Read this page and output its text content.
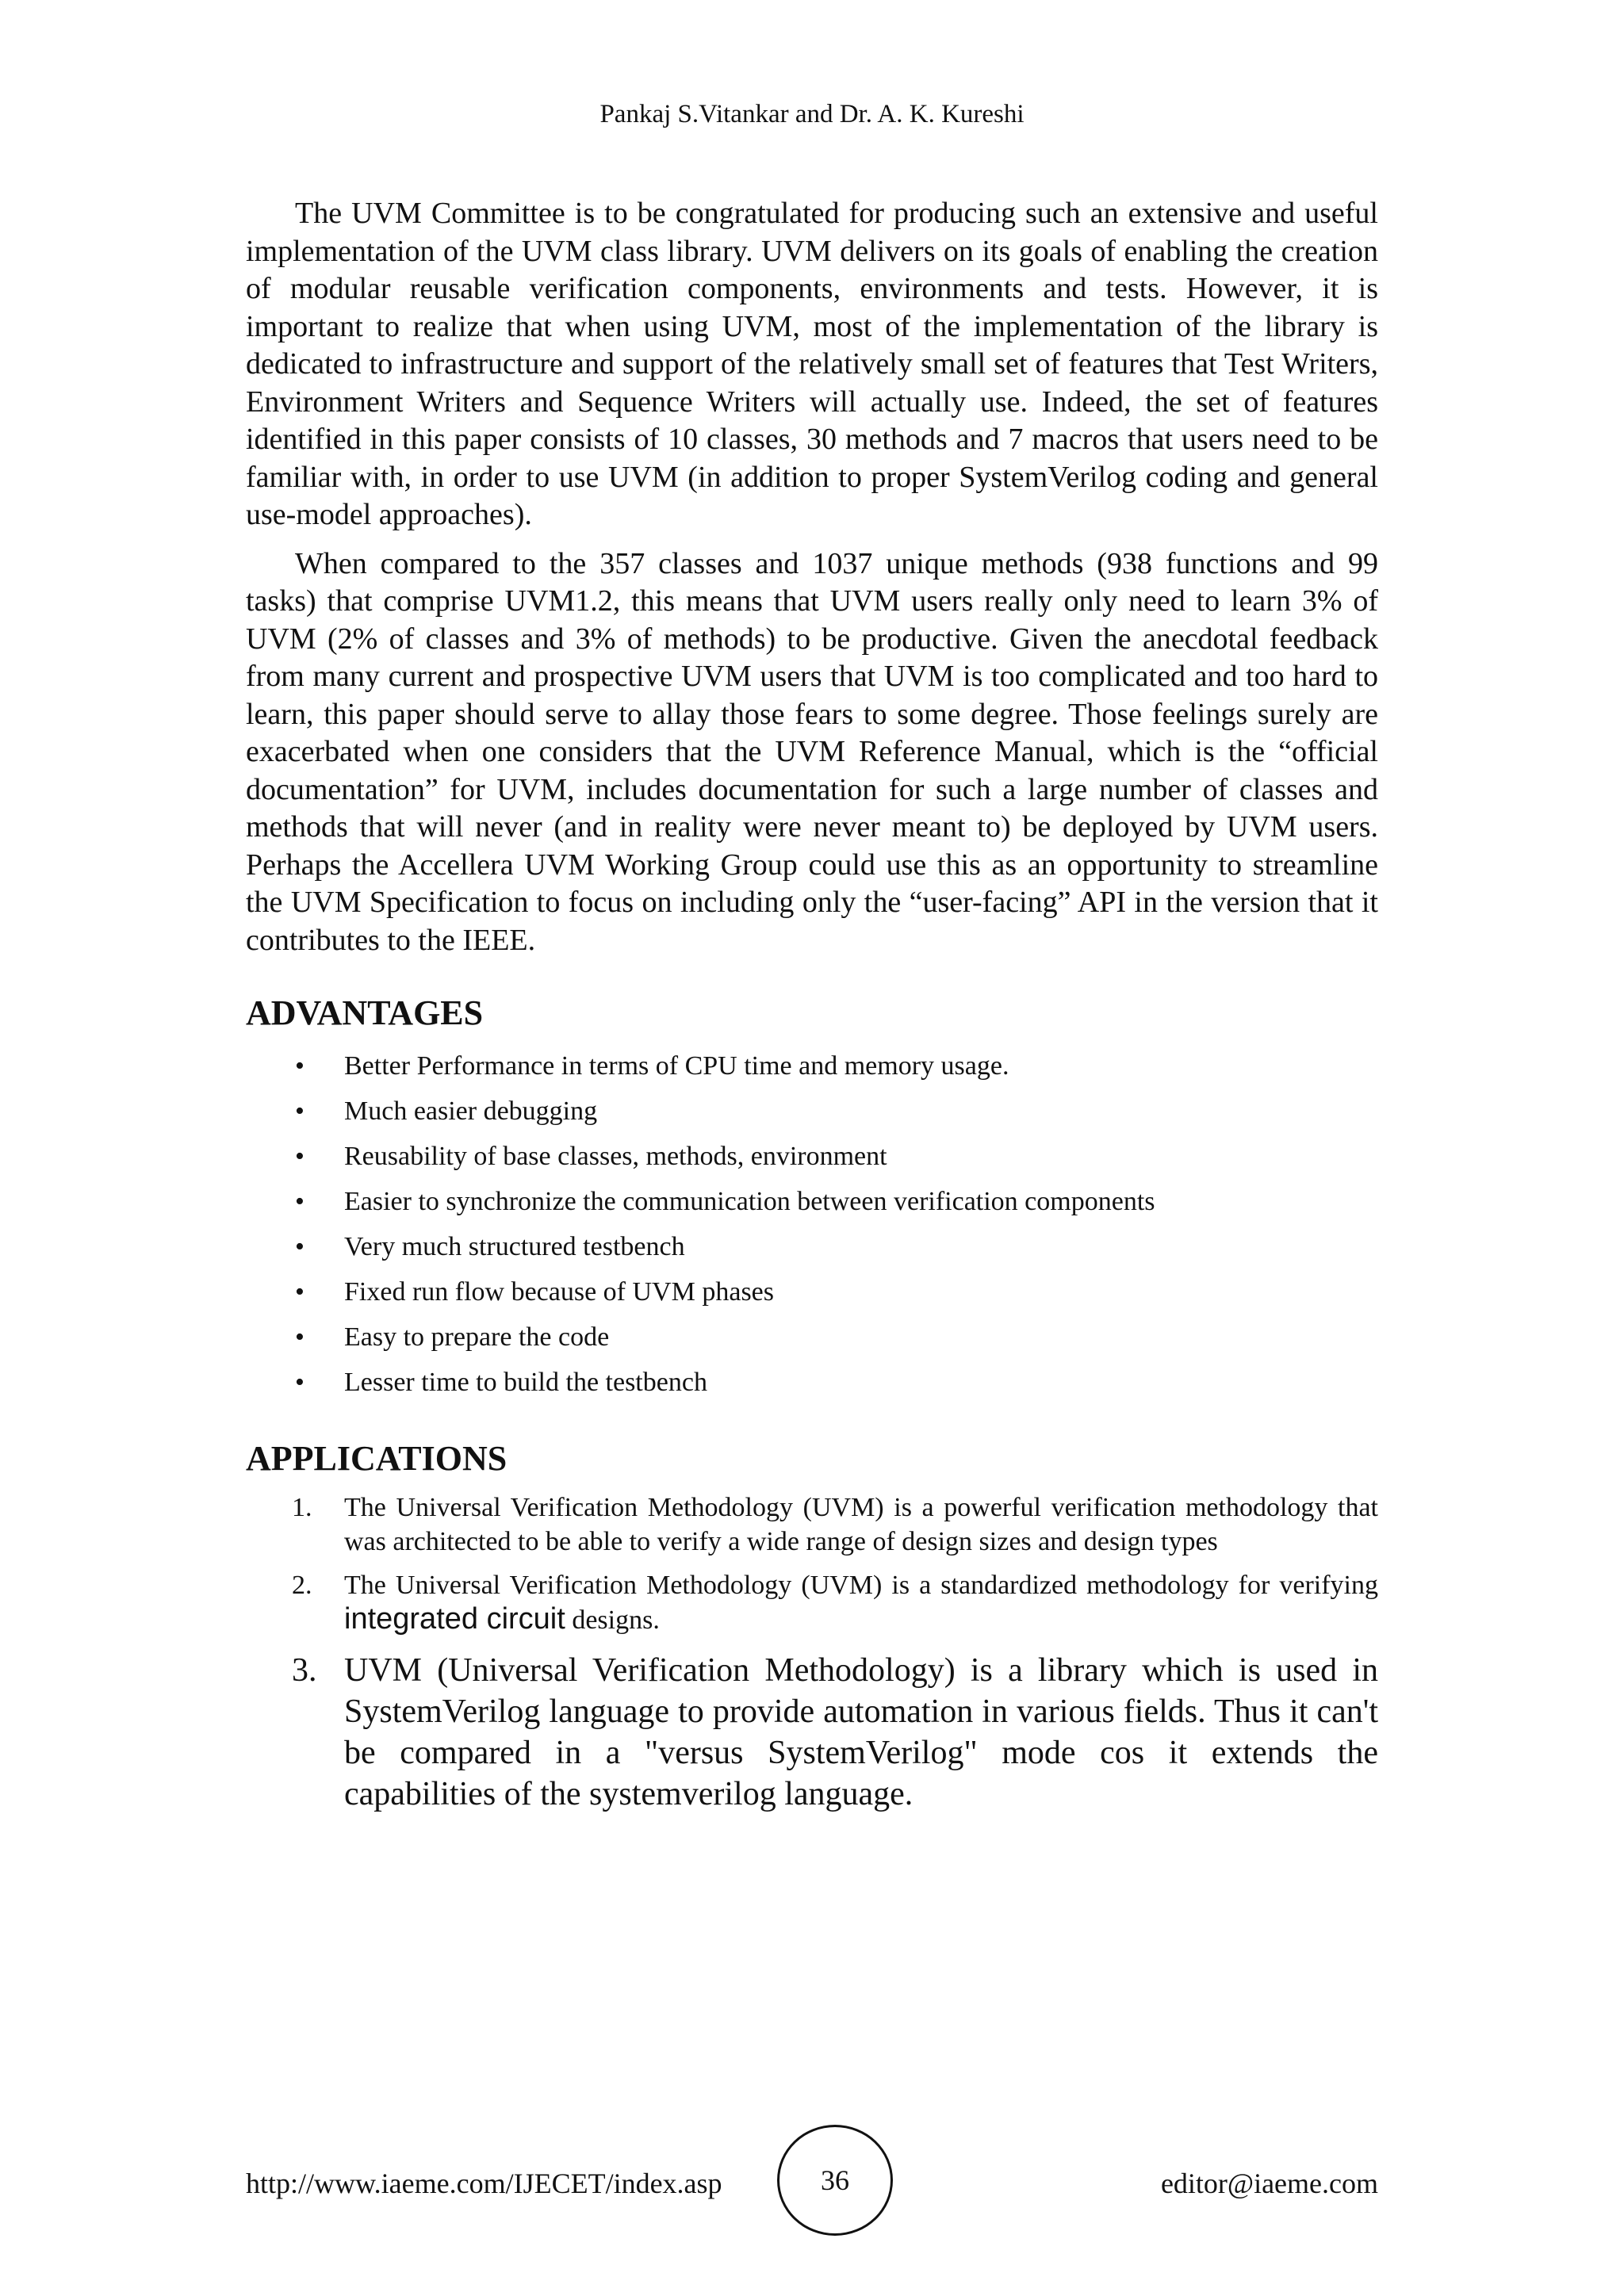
Pankaj S.Vitankar and Dr. A. K. Kureshi

The UVM Committee is to be congratulated for producing such an extensive and useful implementation of the UVM class library. UVM delivers on its goals of enabling the creation of modular reusable verification components, environments and tests. However, it is important to realize that when using UVM, most of the implementation of the library is dedicated to infrastructure and support of the relatively small set of features that Test Writers, Environment Writers and Sequence Writers will actually use. Indeed, the set of features identified in this paper consists of 10 classes, 30 methods and 7 macros that users need to be familiar with, in order to use UVM (in addition to proper SystemVerilog coding and general use-model approaches).

When compared to the 357 classes and 1037 unique methods (938 functions and 99 tasks) that comprise UVM1.2, this means that UVM users really only need to learn 3% of UVM (2% of classes and 3% of methods) to be productive. Given the anecdotal feedback from many current and prospective UVM users that UVM is too complicated and too hard to learn, this paper should serve to allay those fears to some degree. Those feelings surely are exacerbated when one considers that the UVM Reference Manual, which is the “official documentation” for UVM, includes documentation for such a large number of classes and methods that will never (and in reality were never meant to) be deployed by UVM users. Perhaps the Accellera UVM Working Group could use this as an opportunity to streamline the UVM Specification to focus on including only the “user-facing” API in the version that it contributes to the IEEE.

ADVANTAGES
• Better Performance in terms of CPU time and memory usage.
• Much easier debugging
• Reusability of base classes, methods, environment
• Easier to synchronize the communication between verification components
• Very much structured testbench
• Fixed run flow because of UVM phases
• Easy to prepare the code
• Lesser time to build the testbench
APPLICATIONS
1. The Universal Verification Methodology (UVM) is a powerful verification methodology that was architected to be able to verify a wide range of design sizes and design types
2. The Universal Verification Methodology (UVM) is a standardized methodology for verifying integrated circuit designs.
3. UVM (Universal Verification Methodology) is a library which is used in SystemVerilog language to provide automation in various fields. Thus it can't be compared in a "versus SystemVerilog" mode cos it extends the capabilities of the systemverilog language.
http://www.iaeme.com/IJECET/index.asp	36	editor@iaeme.com
